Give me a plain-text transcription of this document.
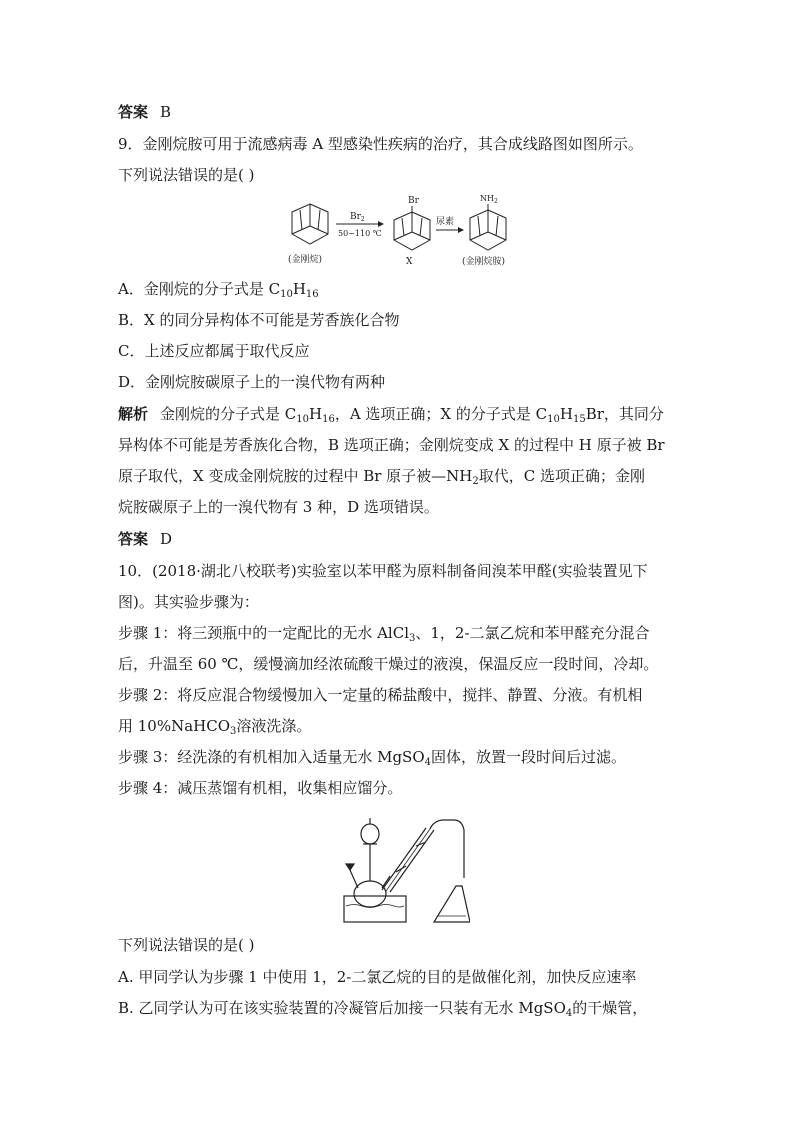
答案 B
9．金刚烷胺可用于流感病毒 A 型感染性疾病的治疗，其合成线路图如图所示。
下列说法错误的是( )
(金刚烷)
$Br_2$
50~110 ℃
Br
X
尿素
$NH_2$
(金刚烷胺)
A．金刚烷的分子式是 $C_{10}H_{16}$
B．X 的同分异构体不可能是芳香族化合物
C．上述反应都属于取代反应
D．金刚烷胺碳原子上的一溴代物有两种
解析 金刚烷的分子式是 $C_{10}H_{16}$，A 选项正确；X 的分子式是 $C_{10}H_{15}Br$，其同分
异构体不可能是芳香族化合物，B 选项正确；金刚烷变成 X 的过程中 H 原子被 Br
原子取代，X 变成金刚烷胺的过程中 Br 原子被$—NH_2$取代，C 选项正确；金刚
烷胺碳原子上的一溴代物有 3 种，D 选项错误。
答案 D
10．(2018·湖北八校联考)实验室以苯甲醛为原料制备间溴苯甲醛(实验装置见下
图)。其实验步骤为：
步骤 1：将三颈瓶中的一定配比的无水 AlCl$_3$、1，2-二氯乙烷和苯甲醛充分混合
后，升温至 60 ℃，缓慢滴加经浓硫酸干燥过的液溴，保温反应一段时间，冷却。
步骤 2：将反应混合物缓慢加入一定量的稀盐酸中，搅拌、静置、分液。有机相
用 10%NaHCO$_3$溶液洗涤。
步骤 3：经洗涤的有机相加入适量无水 MgSO$_4$固体，放置一段时间后过滤。
步骤 4：减压蒸馏有机相，收集相应馏分。
下列说法错误的是( )
A. 甲同学认为步骤 1 中使用 1，2-二氯乙烷的目的是做催化剂，加快反应速率
B. 乙同学认为可在该实验装置的冷凝管后加接一只装有无水 MgSO$_4$的干燥管，
